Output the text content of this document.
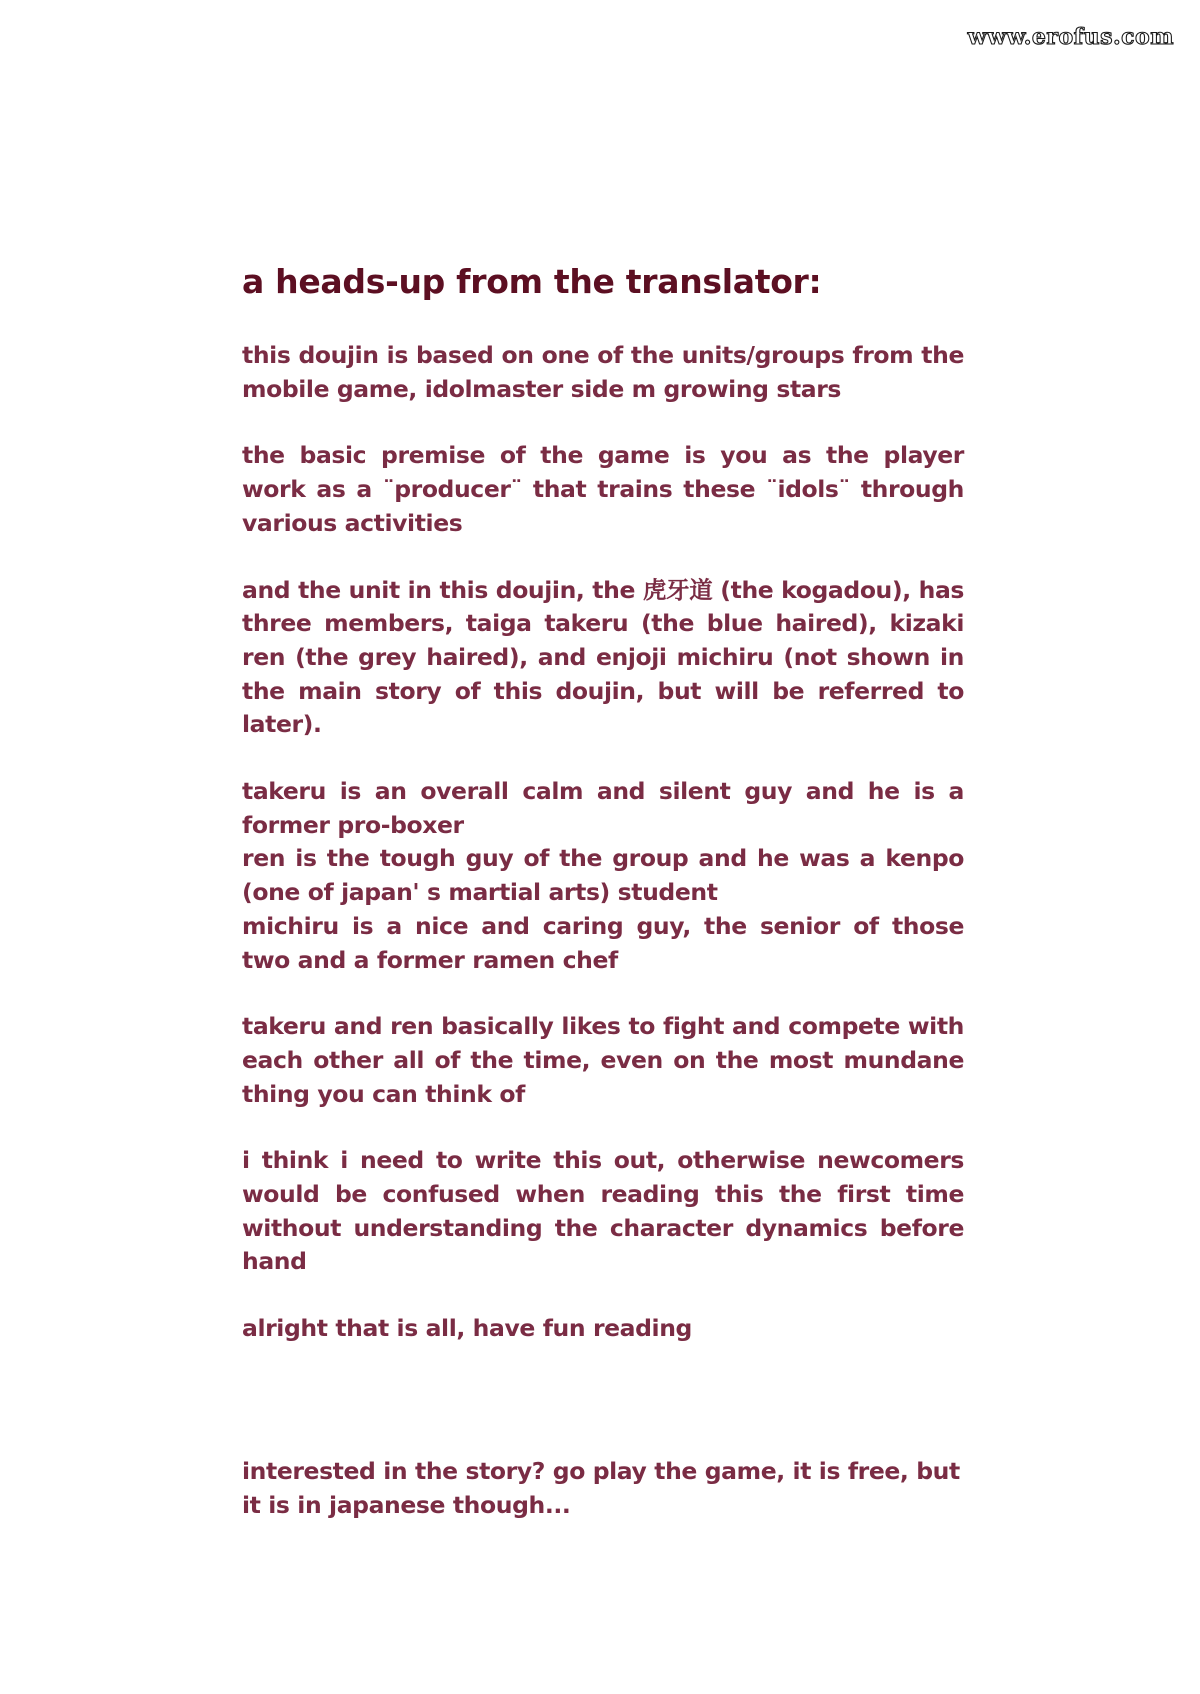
www.erofus.com
a heads-up from the translator:

this doujin is based on one of the units/groups from the mobile game, idolmaster side m growing stars

the basic premise of the game is you as the player work as a ¨producer¨ that trains these ¨idols¨ through various activities

and the unit in this doujin, the 虎牙道 (the kogadou), has three members, taiga takeru (the blue haired), kizaki ren (the grey haired), and enjoji michiru (not shown in the main story of this doujin, but will be referred to later).

takeru is an overall calm and silent guy and he is a former pro-boxer

ren is the tough guy of the group and he was a kenpo (one of japan' s martial arts) student

michiru is a nice and caring guy, the senior of those two and a former ramen chef

takeru and ren basically likes to fight and compete with each other all of the time, even on the most mundane thing you can think of

i think i need to write this out, otherwise newcomers would be confused when reading this the first time without understanding the character dynamics before hand

alright that is all, have fun reading

interested in the story? go play the game, it is free, but it is in japanese though...
